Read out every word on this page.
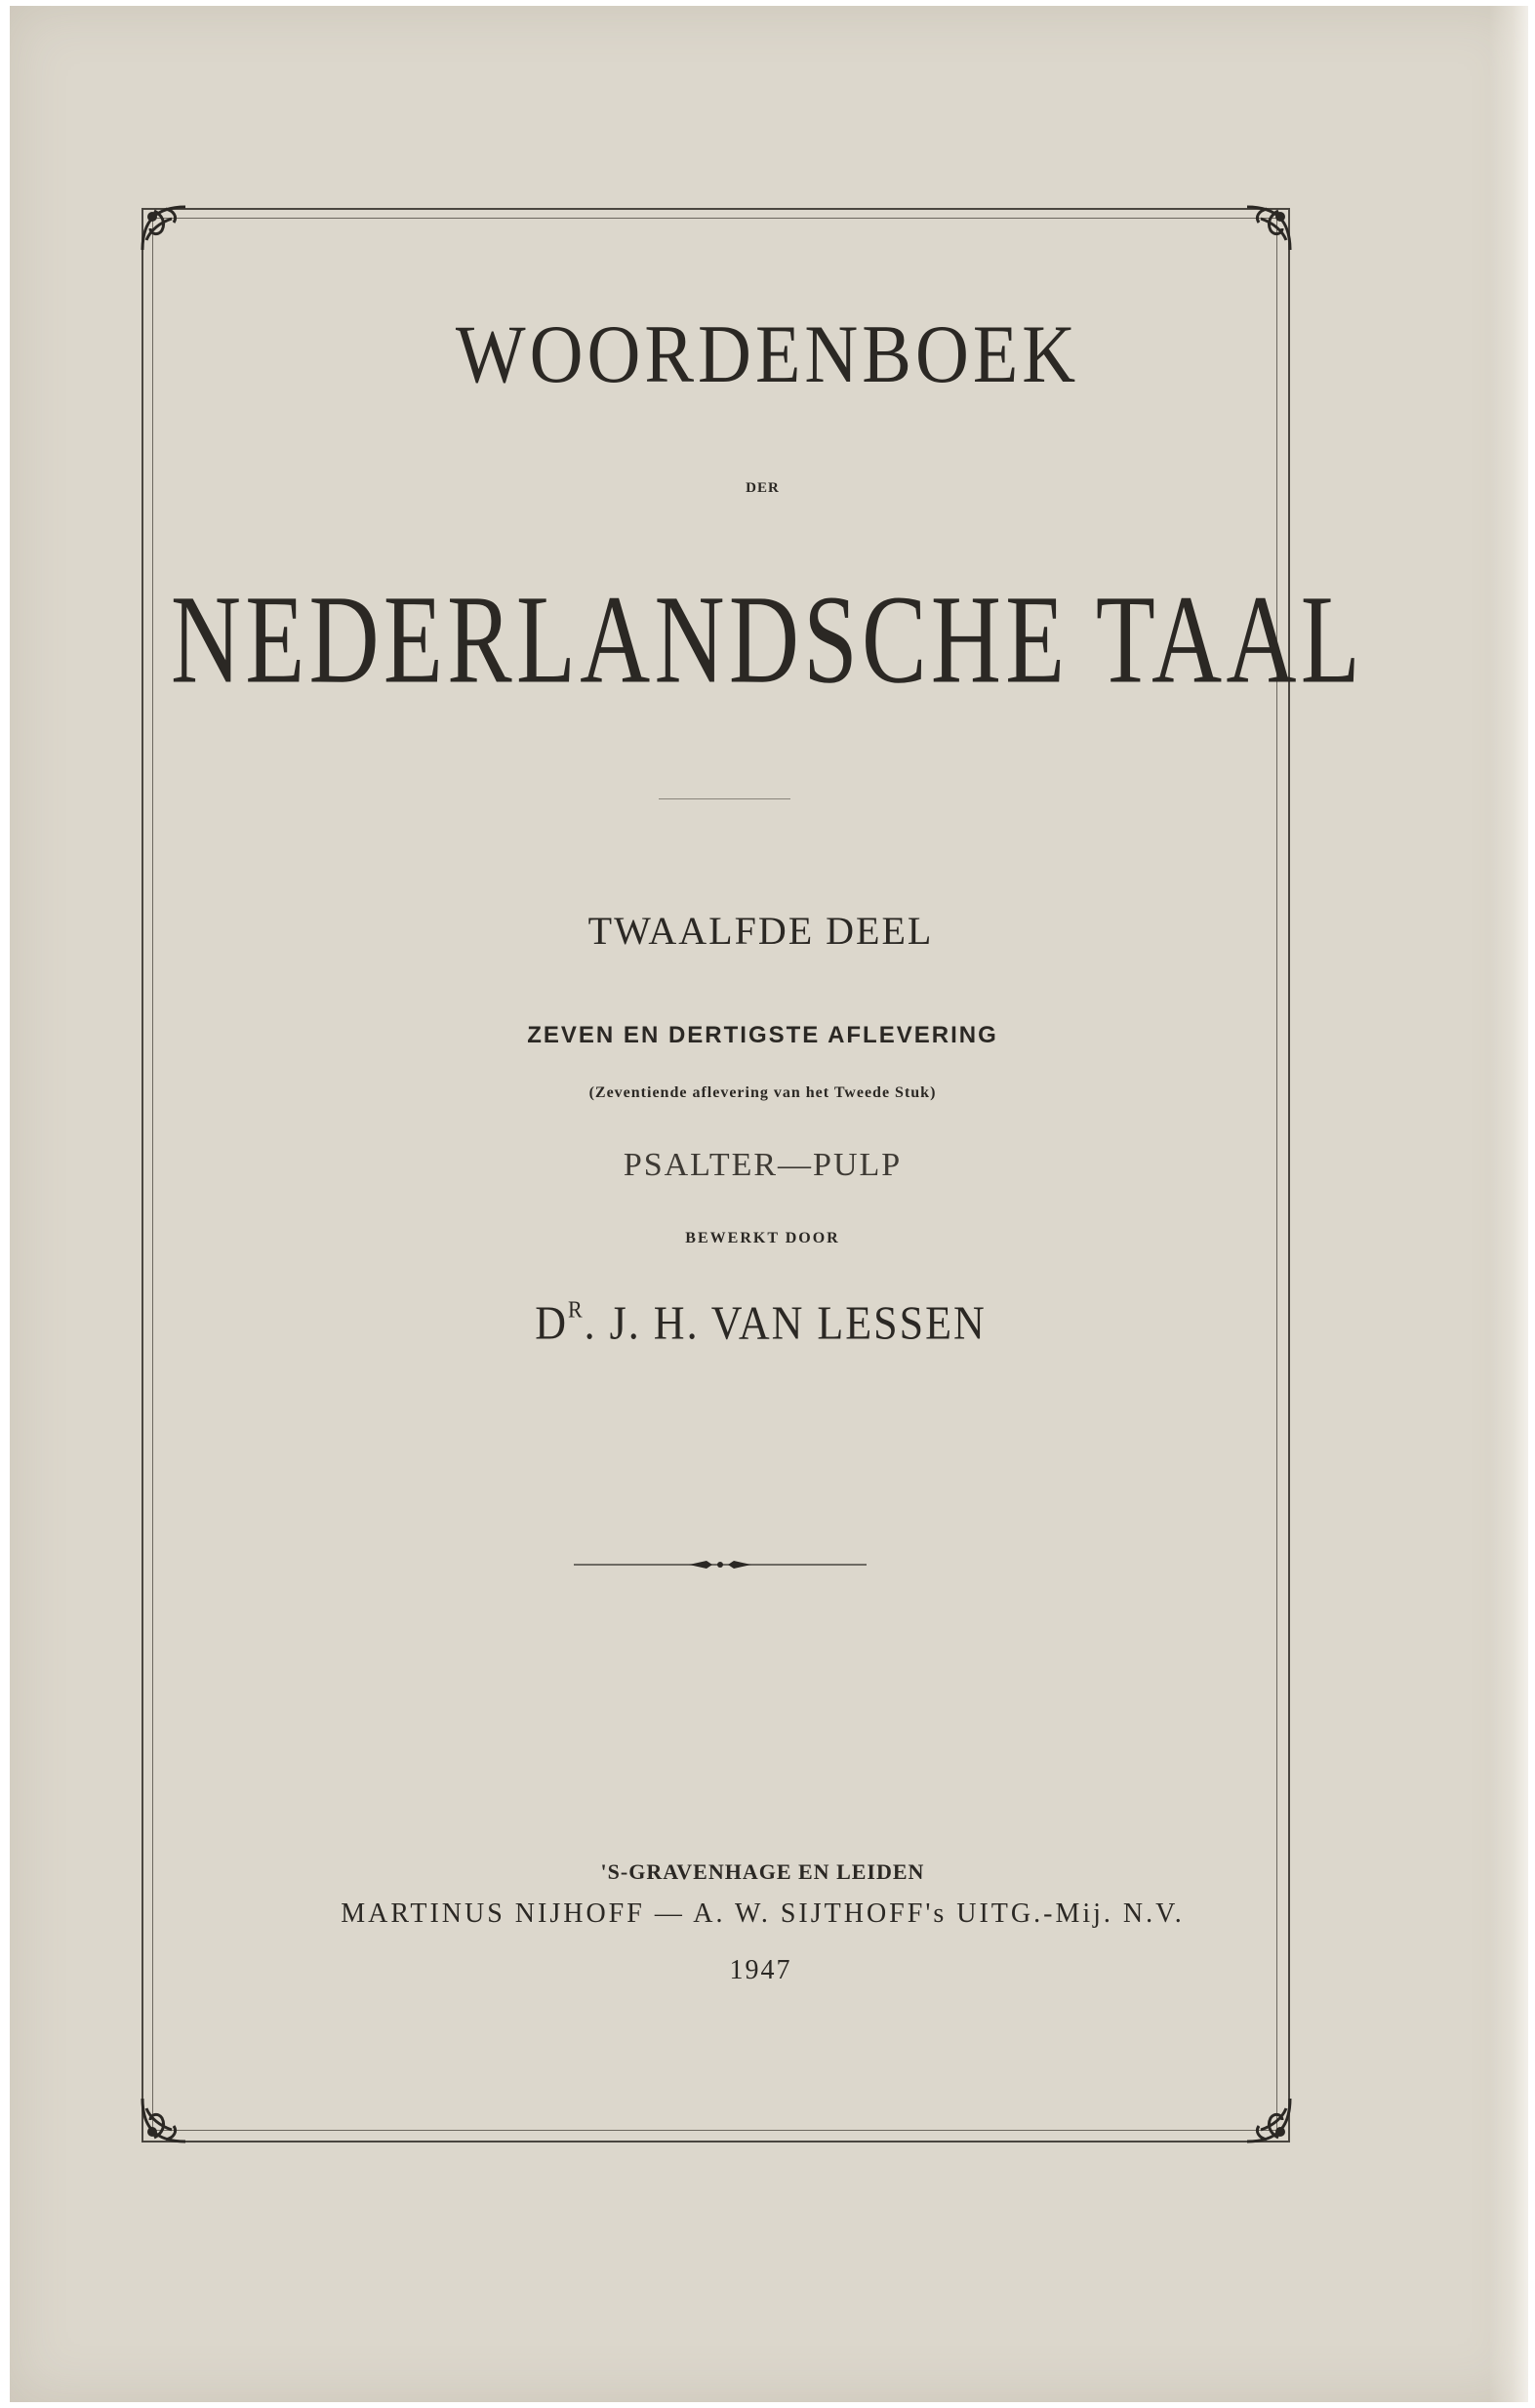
WOORDENBOEK
DER
NEDERLANDSCHE TAAL
TWAALFDE DEEL
ZEVEN EN DERTIGSTE AFLEVERING
(Zeventiende aflevering van het Tweede Stuk)
PSALTER—PULP
BEWERKT DOOR
$D^R$. J. H. VAN LESSEN
'S-GRAVENHAGE EN LEIDEN
MARTINUS NIJHOFF — A. W. SIJTHOFF's UITG.-Mij. N.V.
1947
